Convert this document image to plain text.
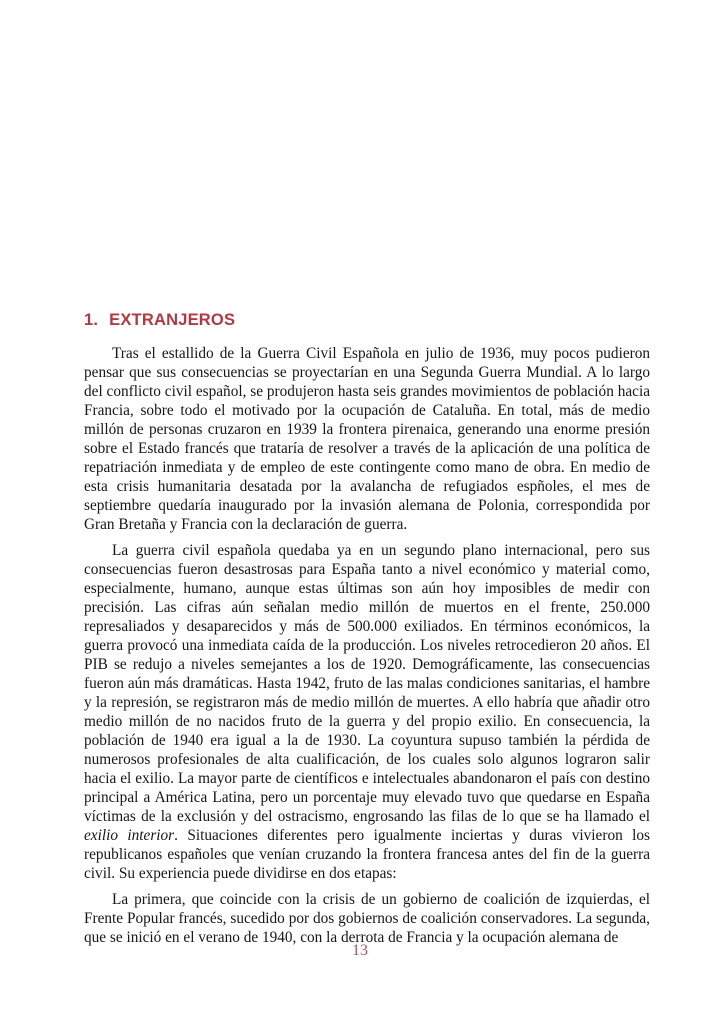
1. EXTRANJEROS

Tras el estallido de la Guerra Civil Española en julio de 1936, muy pocos pudieron pensar que sus consecuencias se proyectarían en una Segunda Guerra Mundial. A lo largo del conflicto civil español, se produjeron hasta seis grandes movimientos de población hacia Francia, sobre todo el motivado por la ocupación de Cataluña. En total, más de medio millón de personas cruzaron en 1939 la frontera pirenaica, generando una enorme presión sobre el Estado francés que trataría de resolver a través de la aplicación de una política de repatriación inmediata y de empleo de este contingente como mano de obra. En medio de esta crisis humanitaria desatada por la avalancha de refugiados espñoles, el mes de septiembre quedaría inaugurado por la invasión alemana de Polonia, correspondida por Gran Bretaña y Francia con la declaración de guerra.

La guerra civil española quedaba ya en un segundo plano internacional, pero sus consecuencias fueron desastrosas para España tanto a nivel económico y material como, especialmente, humano, aunque estas últimas son aún hoy imposibles de medir con precisión. Las cifras aún señalan medio millón de muertos en el frente, 250.000 represaliados y desaparecidos y más de 500.000 exiliados. En términos económicos, la guerra provocó una inmediata caída de la producción. Los niveles retrocedieron 20 años. El PIB se redujo a niveles semejantes a los de 1920. Demográficamente, las consecuencias fueron aún más dramáticas. Hasta 1942, fruto de las malas condiciones sanitarias, el hambre y la represión, se registraron más de medio millón de muertes. A ello habría que añadir otro medio millón de no nacidos fruto de la guerra y del propio exilio. En consecuencia, la población de 1940 era igual a la de 1930. La coyuntura supuso también la pérdida de numerosos profesionales de alta cualificación, de los cuales solo algunos lograron salir hacia el exilio. La mayor parte de científicos e intelectuales abandonaron el país con destino principal a América Latina, pero un porcentaje muy elevado tuvo que quedarse en España víctimas de la exclusión y del ostracismo, engrosando las filas de lo que se ha llamado el exilio interior. Situaciones diferentes pero igualmente inciertas y duras vivieron los republicanos españoles que venían cruzando la frontera francesa antes del fin de la guerra civil. Su experiencia puede dividirse en dos etapas:

La primera, que coincide con la crisis de un gobierno de coalición de izquierdas, el Frente Popular francés, sucedido por dos gobiernos de coalición conservadores. La segunda, que se inició en el verano de 1940, con la derrota de Francia y la ocupación alemana de

13
